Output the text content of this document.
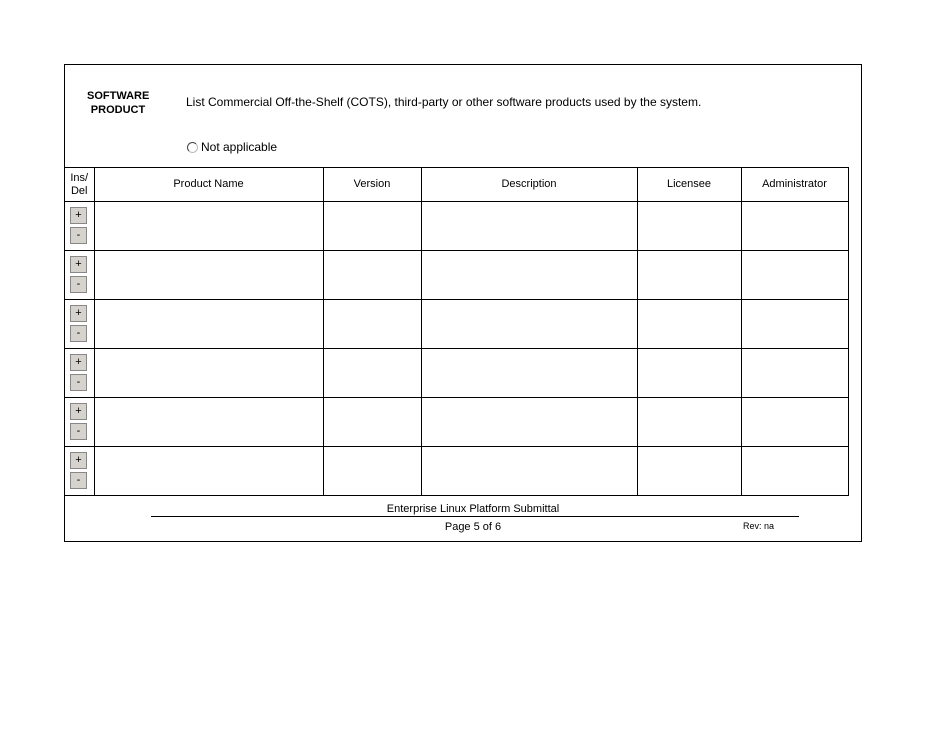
SOFTWARE
PRODUCT
List Commercial Off-the-Shelf (COTS), third-party or other software products used by the system.
Not applicable
Ins/
Del	Product Name	Version	Description	Licensee	Administrator

+
-					

+
-					

+
-					

+
-					

+
-					

+
-					

Enterprise Linux Platform Submittal
Page 5 of 6	Rev: na
